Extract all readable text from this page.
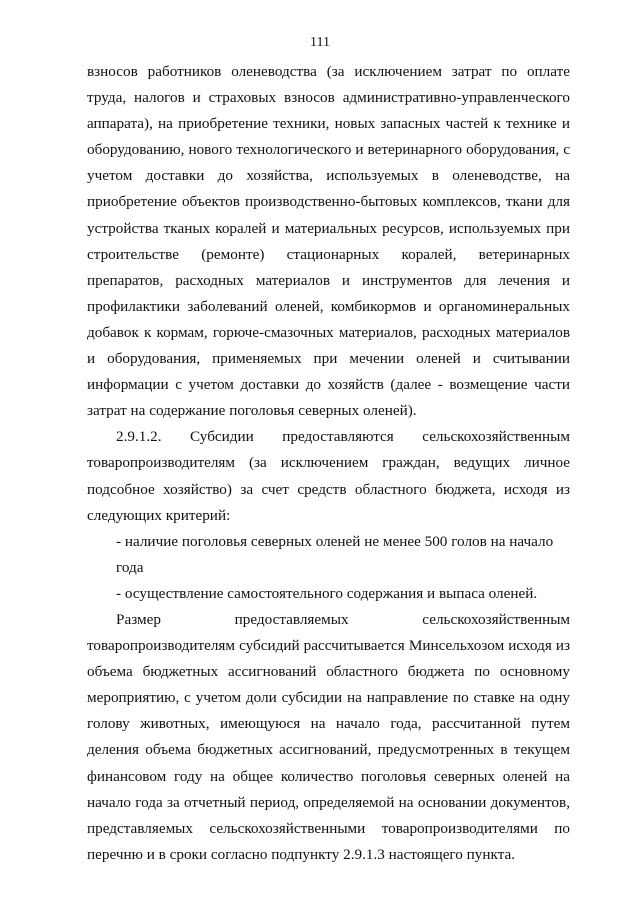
111

взносов работников оленеводства (за исключением затрат по оплате труда, налогов и страховых взносов административно-управленческого аппарата), на приобретение техники, новых запасных частей к технике и оборудованию, нового технологического и ветеринарного оборудования, с учетом доставки до хозяйства, используемых в оленеводстве, на приобретение объектов производственно-бытовых комплексов, ткани для устройства тканых коралей и материальных ресурсов, используемых при строительстве (ремонте) стационарных коралей, ветеринарных препаратов, расходных материалов и инструментов для лечения и профилактики заболеваний оленей, комбикормов и органоминеральных добавок к кормам, горюче-смазочных материалов, расходных материалов и оборудования, применяемых при мечении оленей и считывании информации с учетом доставки до хозяйств (далее - возмещение части затрат на содержание поголовья северных оленей).

2.9.1.2. Субсидии предоставляются сельскохозяйственным товаропроизводителям (за исключением граждан, ведущих личное подсобное хозяйство) за счет средств областного бюджета, исходя из следующих критерий:

- наличие поголовья северных оленей не менее 500 голов на начало года

- осуществление самостоятельного содержания и выпаса оленей.

Размер предоставляемых	сельскохозяйственным

товаропроизводителям субсидий рассчитывается Минсельхозом исходя из объема бюджетных ассигнований областного бюджета по основному мероприятию, с учетом доли субсидии на направление по ставке на одну голову животных, имеющуюся на начало года, рассчитанной путем деления объема бюджетных ассигнований, предусмотренных в текущем финансовом году на общее количество поголовья северных оленей на начало года за отчетный период, определяемой на основании документов, представляемых сельскохозяйственными товаропроизводителями по перечню и в сроки согласно подпункту 2.9.1.3 настоящего пункта.
